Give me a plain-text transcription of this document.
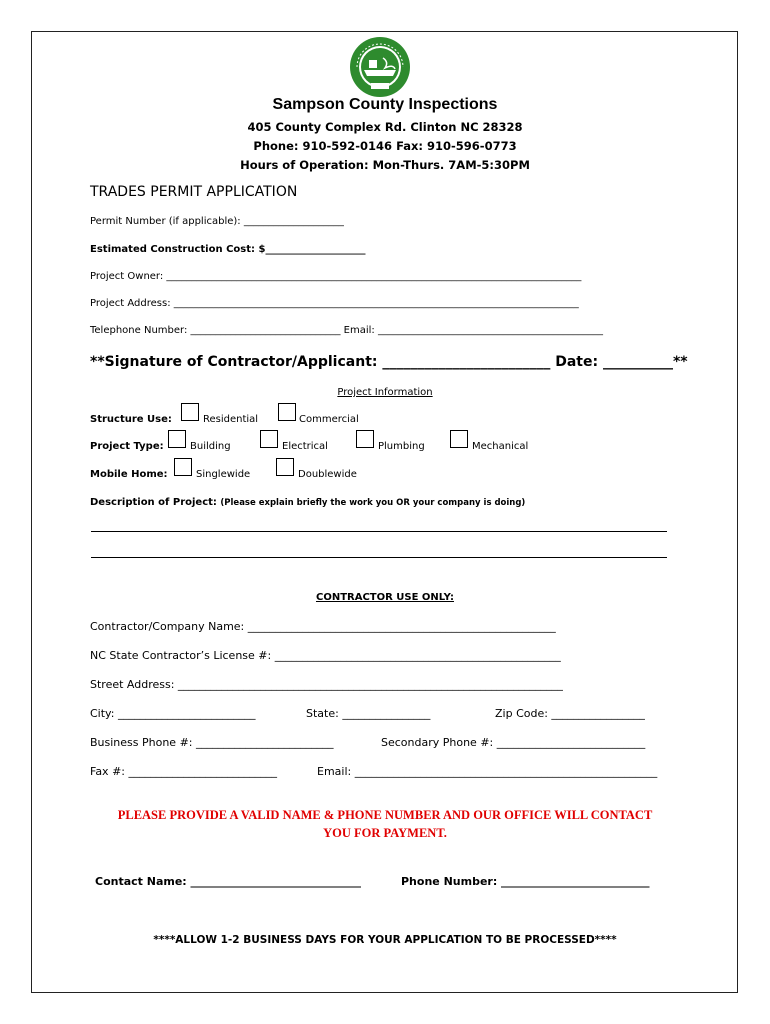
Sampson County Inspections
405 County Complex Rd. Clinton NC 28328
Phone: 910-592-0146 Fax: 910-596-0773
Hours of Operation: Mon-Thurs. 7AM-5:30PM
TRADES PERMIT APPLICATION
Permit Number (if applicable): ____________________
Estimated Construction Cost: $____________________
Project Owner: ___________________________________________________________________________________
Project Address: _________________________________________________________________________________
Telephone Number: ______________________________ Email: _____________________________________________
**Signature of Contractor/Applicant: ________________________ Date: __________**
Project Information
Structure Use:	Residential	Commercial
Project Type:	Building	Electrical	Plumbing	Mechanical
Mobile Home:	Singlewide	Doublewide
Description of Project: (Please explain briefly the work you OR your company is doing)
CONTRACTOR USE ONLY:
Contractor/Company Name: ________________________________________________________
NC State Contractor’s License #: ____________________________________________________
Street Address: ______________________________________________________________________
City: _________________________	State: ________________	Zip Code: _________________
Business Phone #: _________________________	Secondary Phone #: ___________________________
Fax #: ___________________________	Email: _______________________________________________________
PLEASE PROVIDE A VALID NAME & PHONE NUMBER AND OUR OFFICE WILL CONTACT
YOU FOR PAYMENT.
Contact Name: _______________________________	Phone Number: ___________________________
****ALLOW 1-2 BUSINESS DAYS FOR YOUR APPLICATION TO BE PROCESSED****
